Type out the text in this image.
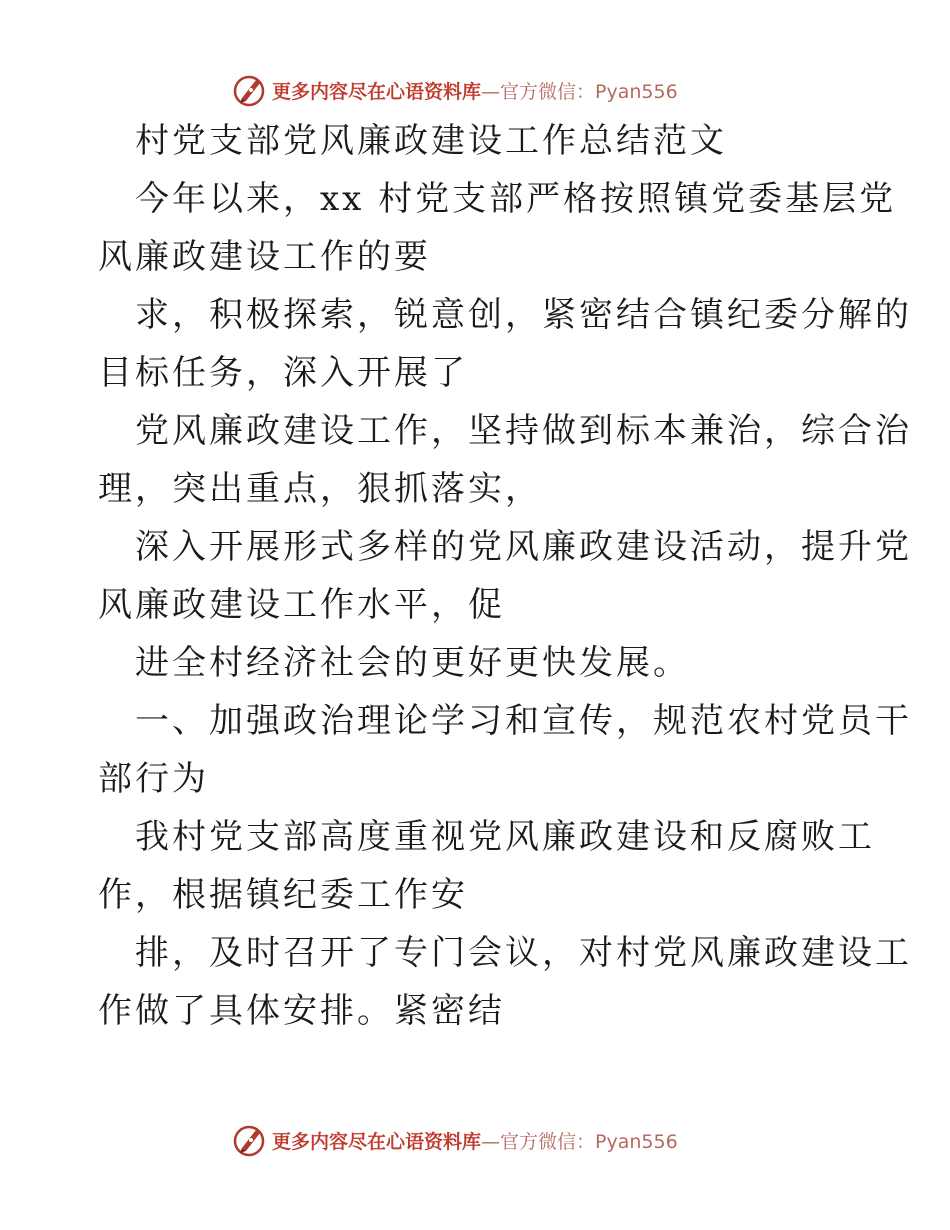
更多内容尽在心语资料库 —官方微信：Pyan556
村党支部党风廉政建设工作总结范文
今年以来，xx 村党支部严格按照镇党委基层党
风廉政建设工作的要
求，积极探索，锐意创，紧密结合镇纪委分解的
目标任务，深入开展了
党风廉政建设工作，坚持做到标本兼治，综合治
理，突出重点，狠抓落实，
深入开展形式多样的党风廉政建设活动，提升党
风廉政建设工作水平，促
进全村经济社会的更好更快发展。
一、加强政治理论学习和宣传，规范农村党员干
部行为
我村党支部高度重视党风廉政建设和反腐败工
作，根据镇纪委工作安
排，及时召开了专门会议，对村党风廉政建设工
作做了具体安排。紧密结
更多内容尽在心语资料库 —官方微信：Pyan556
